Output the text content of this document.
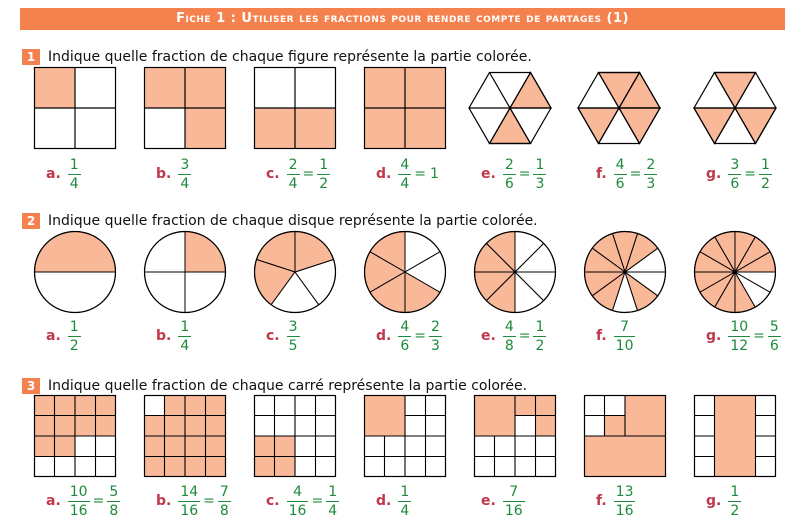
Fiche 1 : Utiliser les fractions pour rendre compte de partages (1)
1 Indique quelle fraction de chaque figure représente la partie colorée.
2 Indique quelle fraction de chaque disque représente la partie colorée.
3 Indique quelle fraction de chaque carré représente la partie colorée.
a. $\frac{1}{4}$	b. $\frac{3}{4}$	c. $\frac{2}{4} = \frac{1}{2}$	d. $\frac{4}{4} = 1$	e. $\frac{2}{6} = \frac{1}{3}$	f. $\frac{4}{6} = \frac{2}{3}$	g. $\frac{3}{6} = \frac{1}{2}$
a. $\frac{1}{2}$	b. $\frac{1}{4}$	c. $\frac{3}{5}$	d. $\frac{4}{6} = \frac{2}{3}$	e. $\frac{4}{8} = \frac{1}{2}$	f. $\frac{7}{10}$	g. $\frac{10}{12} = \frac{5}{6}$
a. $\frac{10}{16} = \frac{5}{8}$	b. $\frac{14}{16} = \frac{7}{8}$	c. $\frac{4}{16} = \frac{1}{4}$	d. $\frac{1}{4}$	e. $\frac{7}{16}$	f. $\frac{13}{16}$	g. $\frac{1}{2}$
